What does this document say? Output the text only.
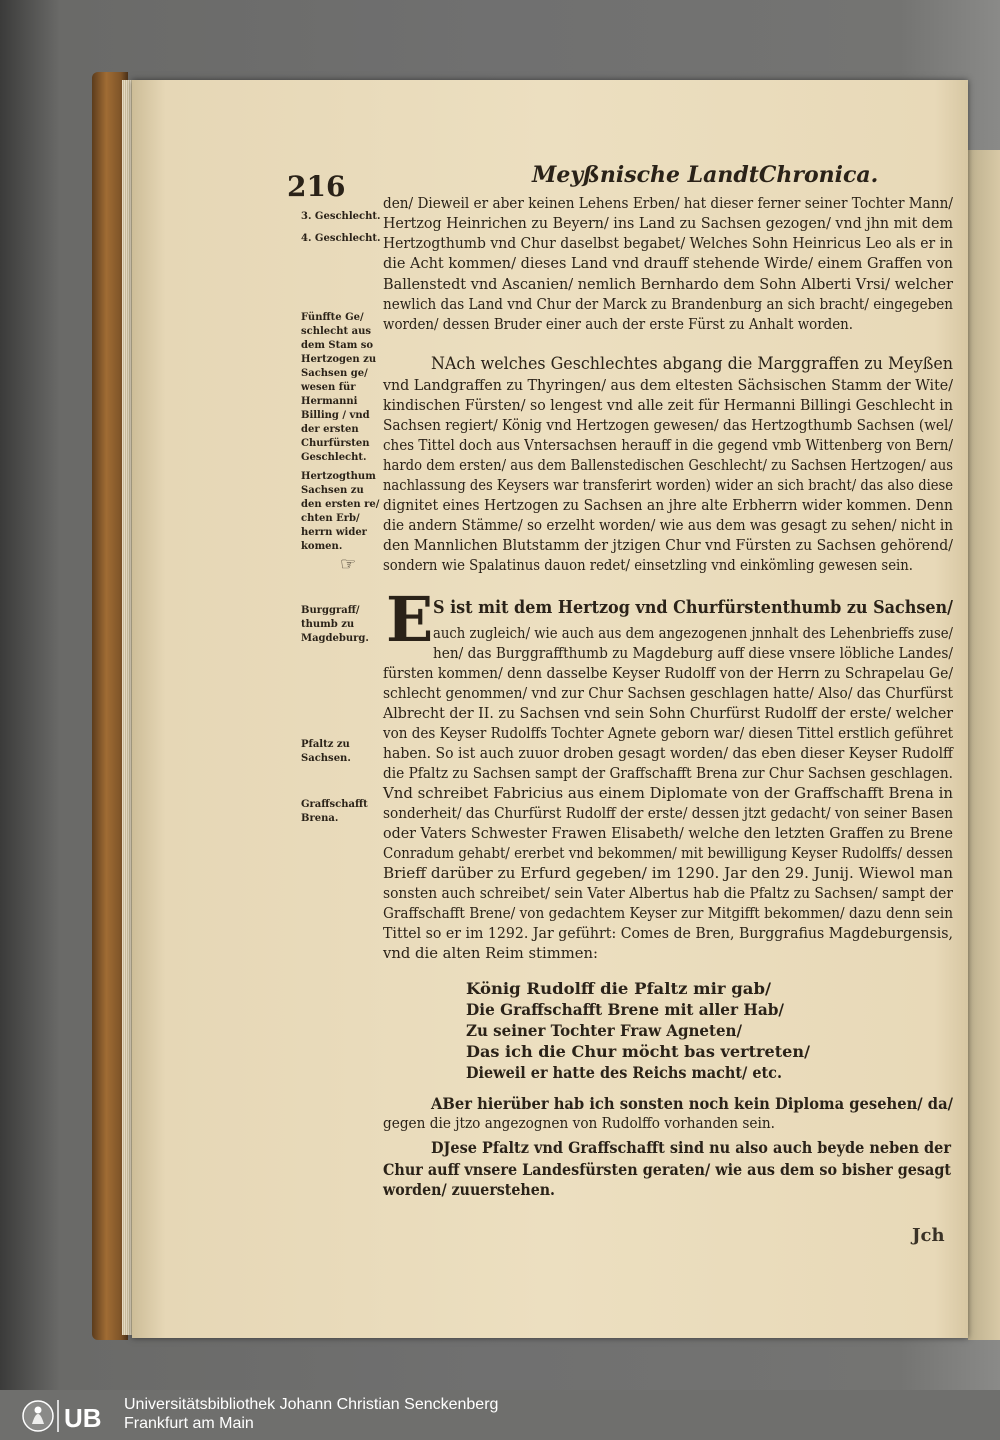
216	Meyßnische LandtChronica.
3. Geschlecht.
4. Geschlecht.
Fünffte Ge/
schlecht aus
dem Stam so
Hertzogen zu
Sachsen ge/
wesen für
Hermanni
Billing / vnd
der ersten
Churfürsten
Geschlecht.
Hertzogthum
Sachsen zu
den ersten re/
chten Erb/
herrn wider
komen.
☞
Burggraff/
thumb zu
Magdeburg.
Pfaltz zu
Sachsen.
Graffschafft
Brena.
den/ Dieweil er aber keinen Lehens Erben/ hat dieser ferner seiner Tochter Mann/
Hertzog Heinrichen zu Beyern/ ins Land zu Sachsen gezogen/ vnd jhn mit dem
Hertzogthumb vnd Chur daselbst begabet/ Welches Sohn Heinricus Leo als er in
die Acht kommen/ dieses Land vnd drauff stehende Wirde/ einem Graffen von
Ballenstedt vnd Ascanien/ nemlich Bernhardo dem Sohn Alberti Vrsi/ welcher
newlich das Land vnd Chur der Marck zu Brandenburg an sich bracht/ eingegeben
worden/ dessen Bruder einer auch der erste Fürst zu Anhalt worden.
NAch welches Geschlechtes abgang die Marggraffen zu Meyßen
vnd Landgraffen zu Thyringen/ aus dem eltesten Sächsischen Stamm der Wite/
kindischen Fürsten/ so lengest vnd alle zeit für Hermanni Billingi Geschlecht in
Sachsen regiert/ König vnd Hertzogen gewesen/ das Hertzogthumb Sachsen (wel/
ches Tittel doch aus Vntersachsen herauff in die gegend vmb Wittenberg von Bern/
hardo dem ersten/ aus dem Ballenstedischen Geschlecht/ zu Sachsen Hertzogen/ aus
nachlassung des Keysers war transferirt worden) wider an sich bracht/ das also diese
dignitet eines Hertzogen zu Sachsen an jhre alte Erbherrn wider kommen. Denn
die andern Stämme/ so erzelht worden/ wie aus dem was gesagt zu sehen/ nicht in
den Mannlichen Blutstamm der jtzigen Chur vnd Fürsten zu Sachsen gehörend/
sondern wie Spalatinus dauon redet/ einsetzling vnd einkömling gewesen sein.
E S ist mit dem Hertzog vnd Churfürstenthumb zu Sachsen/
auch zugleich/ wie auch aus dem angezogenen jnnhalt des Lehenbrieffs zuse/
hen/ das Burggraffthumb zu Magdeburg auff diese vnsere löbliche Landes/
fürsten kommen/ denn dasselbe Keyser Rudolff von der Herrn zu Schrapelau Ge/
schlecht genommen/ vnd zur Chur Sachsen geschlagen hatte/ Also/ das Churfürst
Albrecht der II. zu Sachsen vnd sein Sohn Churfürst Rudolff der erste/ welcher
von des Keyser Rudolffs Tochter Agnete geborn war/ diesen Tittel erstlich geführet
haben. So ist auch zuuor droben gesagt worden/ das eben dieser Keyser Rudolff
die Pfaltz zu Sachsen sampt der Graffschafft Brena zur Chur Sachsen geschlagen.
Vnd schreibet Fabricius aus einem Diplomate von der Graffschafft Brena in
sonderheit/ das Churfürst Rudolff der erste/ dessen jtzt gedacht/ von seiner Basen
oder Vaters Schwester Frawen Elisabeth/ welche den letzten Graffen zu Brene
Conradum gehabt/ ererbet vnd bekommen/ mit bewilligung Keyser Rudolffs/ dessen
Brieff darüber zu Erfurd gegeben/ im 1290. Jar den 29. Junij. Wiewol man
sonsten auch schreibet/ sein Vater Albertus hab die Pfaltz zu Sachsen/ sampt der
Graffschafft Brene/ von gedachtem Keyser zur Mitgifft bekommen/ dazu denn sein
Tittel so er im 1292. Jar geführt: Comes de Bren, Burggrafius Magdeburgensis,
vnd die alten Reim stimmen:
König Rudolff die Pfaltz mir gab/
Die Graffschafft Brene mit aller Hab/
Zu seiner Tochter Fraw Agneten/
Das ich die Chur möcht bas vertreten/
Dieweil er hatte des Reichs macht/ etc.
ABer hierüber hab ich sonsten noch kein Diploma gesehen/ da/
gegen die jtzo angezognen von Rudolffo vorhanden sein.
DJese Pfaltz vnd Graffschafft sind nu also auch beyde neben der
Chur auff vnsere Landesfürsten geraten/ wie aus dem so bisher gesagt
worden/ zuuerstehen.
Jch
UB Universitätsbibliothek Johann Christian Senckenberg
Frankfurt am Main
